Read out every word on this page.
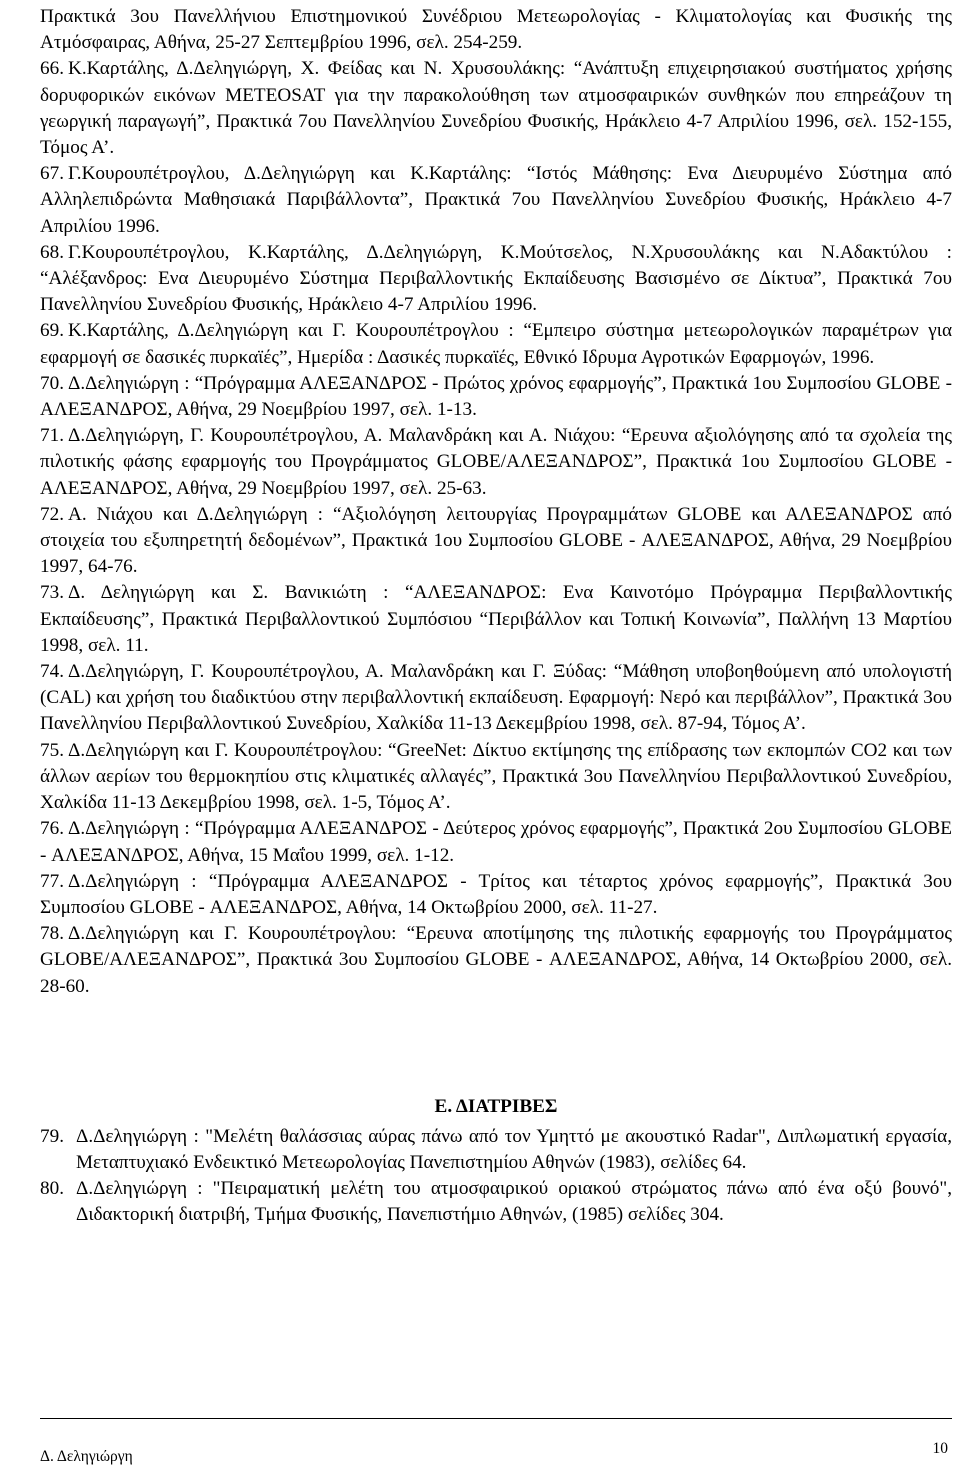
Πρακτικά 3ου Πανελλήνιου Επιστημονικού Συνέδριου Μετεωρολογίας - Κλιματολογίας και Φυσικής της Ατμόσφαιρας, Αθήνα, 25-27 Σεπτεμβρίου 1996, σελ. 254-259.

66. Κ.Καρτάλης, Δ.Δεληγιώργη, Χ. Φείδας και Ν. Χρυσουλάκης: “Ανάπτυξη επιχειρησιακού συστήματος χρήσης δορυφορικών εικόνων METEOSAT για την παρακολούθηση των ατμοσφαιρικών συνθηκών που επηρεάζουν τη γεωργική παραγωγή”, Πρακτικά 7ου Πανελληνίου Συνεδρίου Φυσικής, Ηράκλειο 4-7 Απριλίου 1996, σελ. 152-155, Τόμος Α’.

67. Γ.Κουρουπέτρογλου, Δ.Δεληγιώργη και Κ.Καρτάλης: “Ιστός Μάθησης: Ενα Διευρυμένο Σύστημα από Αλληλεπιδρώντα Μαθησιακά Παριβάλλοντα”, Πρακτικά 7ου Πανελληνίου Συνεδρίου Φυσικής, Ηράκλειο 4-7 Απριλίου 1996.

68. Γ.Κουρουπέτρογλου, Κ.Καρτάλης, Δ.Δεληγιώργη, Κ.Μούτσελος, Ν.Χρυσουλάκης και Ν.Αδακτύλου : “Αλέξανδρος: Ενα Διευρυμένο Σύστημα Περιβαλλοντικής Εκπαίδευσης Βασισμένο σε Δίκτυα”, Πρακτικά 7ου Πανελληνίου Συνεδρίου Φυσικής, Ηράκλειο 4-7 Απριλίου 1996.

69. Κ.Καρτάλης, Δ.Δεληγιώργη και Γ. Κουρουπέτρογλου : “Εμπειρο σύστημα μετεωρολογικών παραμέτρων για εφαρμογή σε δασικές πυρκαϊές”, Ημερίδα : Δασικές πυρκαϊές, Εθνικό Ιδρυμα Αγροτικών Εφαρμογών, 1996.

70. Δ.Δεληγιώργη : “Πρόγραμμα ΑΛΕΞΑΝΔΡΟΣ - Πρώτος χρόνος εφαρμογής”, Πρακτικά 1ου Συμποσίου GLOBE - ΑΛΕΞΑΝΔΡΟΣ, Αθήνα, 29 Νοεμβρίου 1997, σελ. 1-13.

71. Δ.Δεληγιώργη, Γ. Κουρουπέτρογλου, Α. Μαλανδράκη και Α. Νιάχου: “Ερευνα αξιολόγησης από τα σχολεία της πιλοτικής φάσης εφαρμογής του Προγράμματος GLOBE/ΑΛΕΞΑΝΔΡΟΣ”, Πρακτικά 1ου Συμποσίου GLOBE - ΑΛΕΞΑΝΔΡΟΣ, Αθήνα, 29 Νοεμβρίου 1997, σελ. 25-63.

72. Α. Νιάχου και Δ.Δεληγιώργη : “Αξιολόγηση λειτουργίας Προγραμμάτων GLOBE και ΑΛΕΞΑΝΔΡΟΣ από στοιχεία του εξυπηρετητή δεδομένων”, Πρακτικά 1ου Συμποσίου GLOBE - ΑΛΕΞΑΝΔΡΟΣ, Αθήνα, 29 Νοεμβρίου 1997, 64-76.

73. Δ. Δεληγιώργη και Σ. Βανικιώτη : “ΑΛΕΞΑΝΔΡΟΣ: Ενα Καινοτόμο Πρόγραμμα Περιβαλλοντικής Εκπαίδευσης”, Πρακτικά Περιβαλλοντικού Συμπόσιου “Περιβάλλον και Τοπική Κοινωνία”, Παλλήνη 13 Μαρτίου 1998, σελ. 11.

74. Δ.Δεληγιώργη, Γ. Κουρουπέτρογλου, Α. Μαλανδράκη και Γ. Ξύδας: “Μάθηση υποβοηθούμενη από υπολογιστή (CAL) και χρήση του διαδικτύου στην περιβαλλοντική εκπαίδευση. Εφαρμογή: Νερό και περιβάλλον”, Πρακτικά 3ου Πανελληνίου Περιβαλλοντικού Συνεδρίου, Χαλκίδα 11-13 Δεκεμβρίου 1998, σελ. 87-94, Τόμος Α’.

75. Δ.Δεληγιώργη και Γ. Κουρουπέτρογλου: “GreeNet: Δίκτυο εκτίμησης της επίδρασης των εκπομπών CO2 και των άλλων αερίων του θερμοκηπίου στις κλιματικές αλλαγές”, Πρακτικά 3ου Πανελληνίου Περιβαλλοντικού Συνεδρίου, Χαλκίδα 11-13 Δεκεμβρίου 1998, σελ. 1-5, Τόμος Α’.

76. Δ.Δεληγιώργη : “Πρόγραμμα ΑΛΕΞΑΝΔΡΟΣ - Δεύτερος χρόνος εφαρμογής”, Πρακτικά 2ου Συμποσίου GLOBE - ΑΛΕΞΑΝΔΡΟΣ, Αθήνα, 15 Μαΐου 1999, σελ. 1-12.

77. Δ.Δεληγιώργη : “Πρόγραμμα ΑΛΕΞΑΝΔΡΟΣ - Τρίτος και τέταρτος χρόνος εφαρμογής”, Πρακτικά 3ου Συμποσίου GLOBE - ΑΛΕΞΑΝΔΡΟΣ, Αθήνα, 14 Οκτωβρίου 2000, σελ. 11-27.

78. Δ.Δεληγιώργη και Γ. Κουρουπέτρογλου: “Ερευνα αποτίμησης της πιλοτικής εφαρμογής του Προγράμματος GLOBE/ΑΛΕΞΑΝΔΡΟΣ”, Πρακτικά 3ου Συμποσίου GLOBE - ΑΛΕΞΑΝΔΡΟΣ, Αθήνα, 14 Οκτωβρίου 2000, σελ. 28-60.

Ε. ΔΙΑΤΡΙΒΕΣ
79. Δ.Δεληγιώργη : "Μελέτη θαλάσσιας αύρας πάνω από τον Υμηττό με ακουστικό Radar", Διπλωματική εργασία, Μεταπτυχιακό Ενδεικτικό Μετεωρολογίας Πανεπιστημίου Αθηνών (1983), σελίδες 64.
80. Δ.Δεληγιώργη : "Πειραματική μελέτη του ατμοσφαιρικού οριακού στρώματος πάνω από ένα οξύ βουνό", Διδακτορική διατριβή, Τμήμα Φυσικής, Πανεπιστήμιο Αθηνών, (1985) σελίδες 304.
Δ. Δεληγιώργη	10
